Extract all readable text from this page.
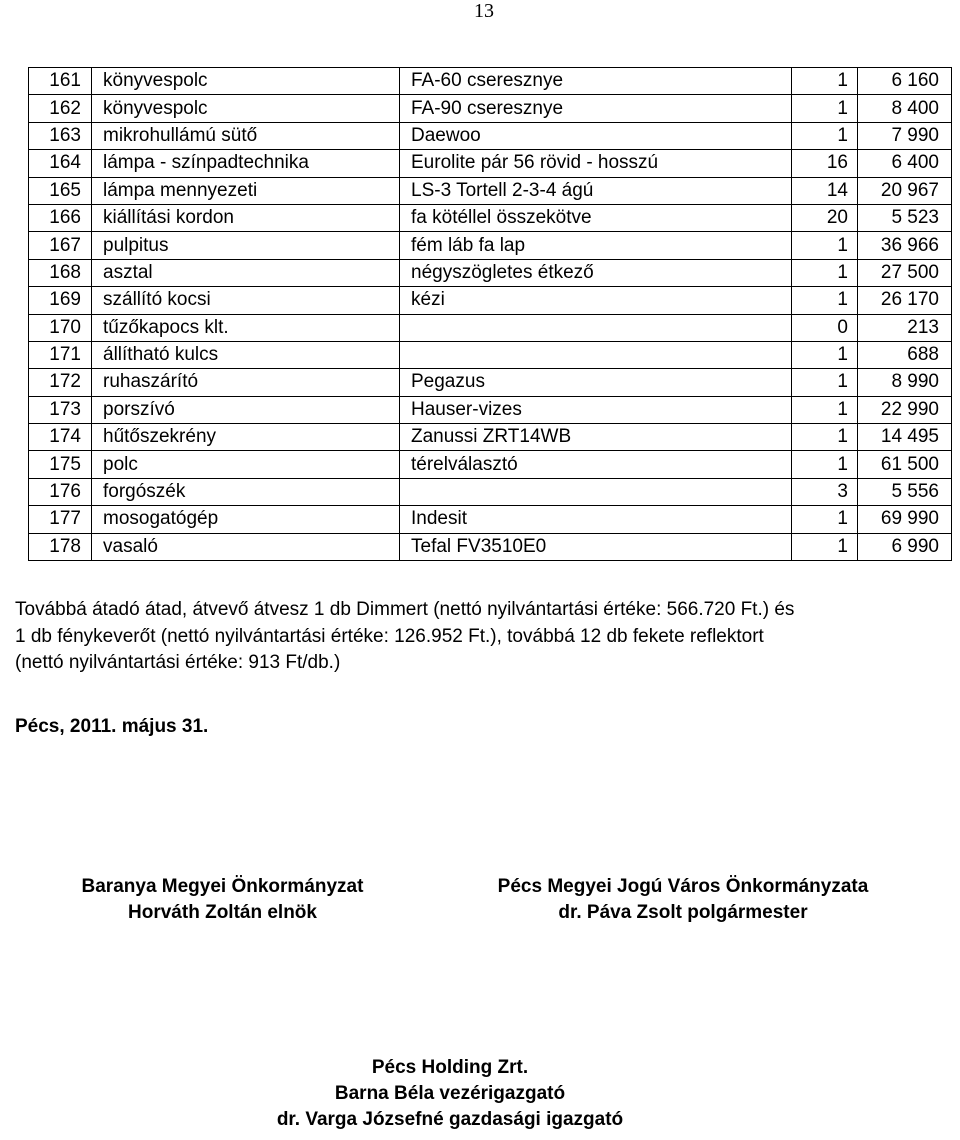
13
161	könyvespolc	FA-60 cseresznye	1	6 160
162	könyvespolc	FA-90 cseresznye	1	8 400
163	mikrohullámú sütő	Daewoo	1	7 990
164	lámpa - színpadtechnika	Eurolite pár 56 rövid - hosszú	16	6 400
165	lámpa mennyezeti	LS-3 Tortell 2-3-4 ágú	14	20 967
166	kiállítási kordon	fa kötéllel összekötve	20	5 523
167	pulpitus	fém láb fa lap	1	36 966
168	asztal	négyszögletes étkező	1	27 500
169	szállító kocsi	kézi	1	26 170
170	tűzőkapocs klt.		0	213
171	állítható kulcs		1	688
172	ruhaszárító	Pegazus	1	8 990
173	porszívó	Hauser-vizes	1	22 990
174	hűtőszekrény	Zanussi ZRT14WB	1	14 495
175	polc	térelválasztó	1	61 500
176	forgószék		3	5 556
177	mosogatógép	Indesit	1	69 990
178	vasaló	Tefal FV3510E0	1	6 990
Továbbá átadó átad, átvevő átvesz 1 db Dimmert (nettó nyilvántartási értéke: 566.720 Ft.) és
1 db fénykeverőt (nettó nyilvántartási értéke: 126.952 Ft.), továbbá 12 db fekete reflektort
(nettó nyilvántartási értéke: 913 Ft/db.)
Pécs, 2011. május 31.
Baranya Megyei Önkormányzat
Horváth Zoltán elnök
Pécs Megyei Jogú Város Önkormányzata
dr. Páva Zsolt polgármester
Pécs Holding Zrt.
Barna Béla vezérigazgató
dr. Varga Józsefné gazdasági igazgató
